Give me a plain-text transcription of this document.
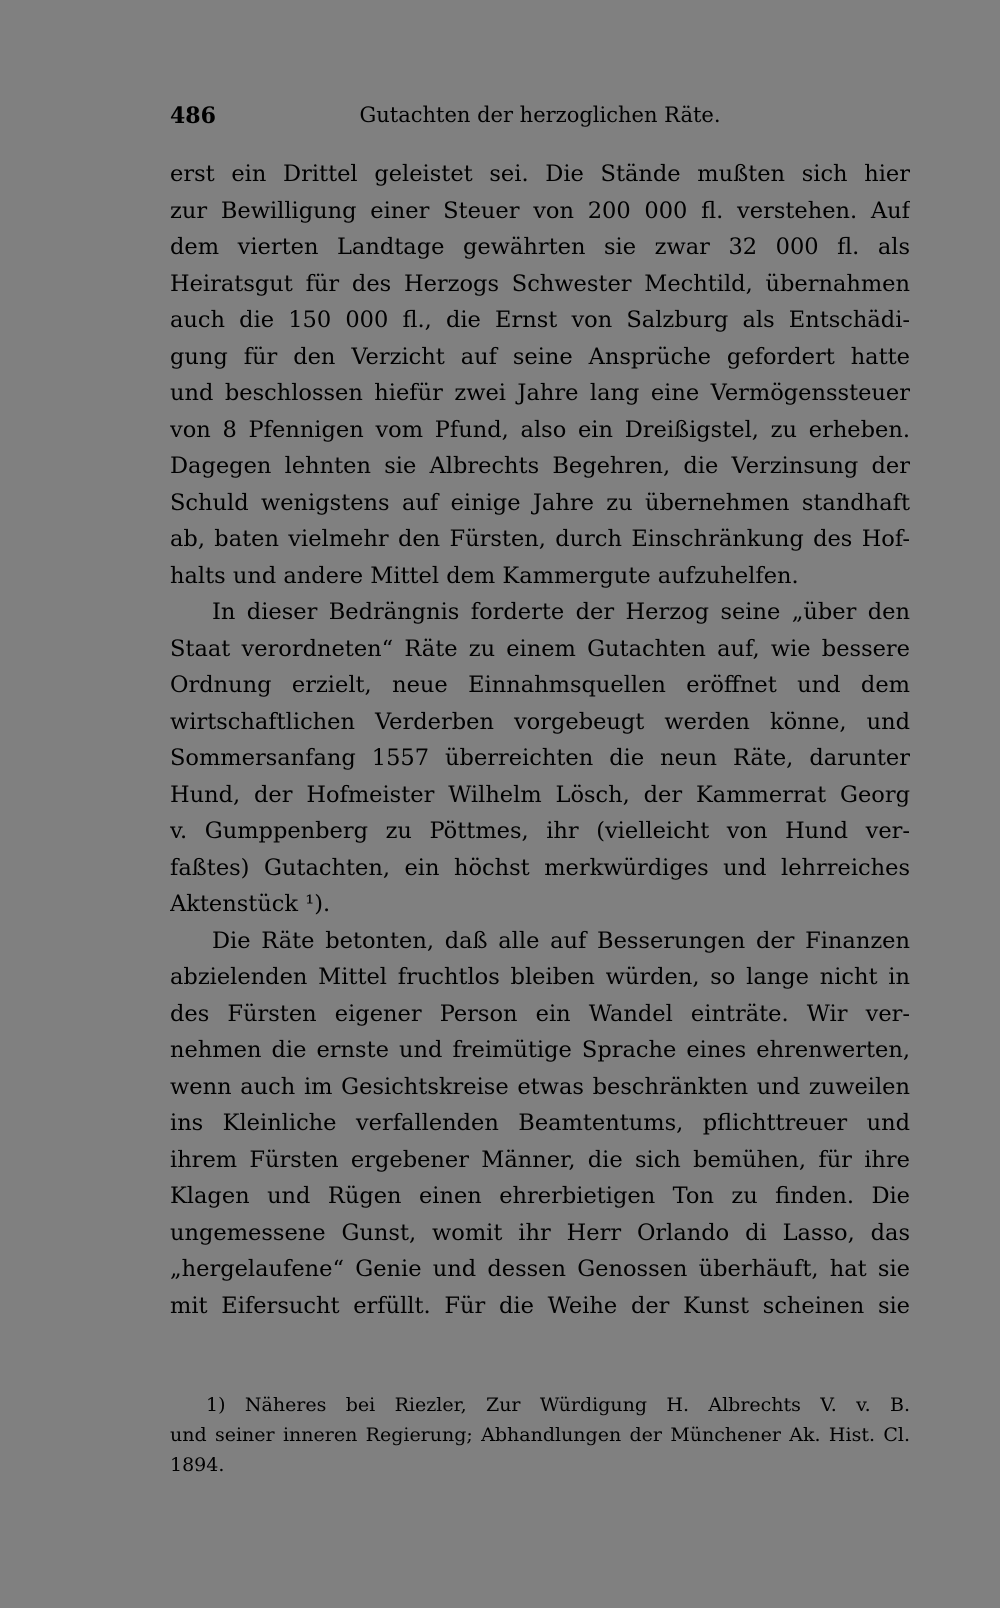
486	Gutachten der herzoglichen Räte.
erst ein Drittel geleistet sei. Die Stände mußten sich hier
zur Bewilligung einer Steuer von 200 000 fl. verstehen. Auf
dem vierten Landtage gewährten sie zwar 32 000 fl. als
Heiratsgut für des Herzogs Schwester Mechtild, übernahmen
auch die 150 000 fl., die Ernst von Salzburg als Entschädi-
gung für den Verzicht auf seine Ansprüche gefordert hatte
und beschlossen hiefür zwei Jahre lang eine Vermögenssteuer
von 8 Pfennigen vom Pfund, also ein Dreißigstel, zu erheben.
Dagegen lehnten sie Albrechts Begehren, die Verzinsung der
Schuld wenigstens auf einige Jahre zu übernehmen standhaft
ab, baten vielmehr den Fürsten, durch Einschränkung des Hof-
halts und andere Mittel dem Kammergute aufzuhelfen.
In dieser Bedrängnis forderte der Herzog seine „über den
Staat verordneten“ Räte zu einem Gutachten auf, wie bessere
Ordnung erzielt, neue Einnahmsquellen eröffnet und dem
wirtschaftlichen Verderben vorgebeugt werden könne, und
Sommersanfang 1557 überreichten die neun Räte, darunter
Hund, der Hofmeister Wilhelm Lösch, der Kammerrat Georg
v. Gumppenberg zu Pöttmes, ihr (vielleicht von Hund ver-
faßtes) Gutachten, ein höchst merkwürdiges und lehrreiches
Aktenstück ¹).
Die Räte betonten, daß alle auf Besserungen der Finanzen
abzielenden Mittel fruchtlos bleiben würden, so lange nicht in
des Fürsten eigener Person ein Wandel einträte. Wir ver-
nehmen die ernste und freimütige Sprache eines ehrenwerten,
wenn auch im Gesichtskreise etwas beschränkten und zuweilen
ins Kleinliche verfallenden Beamtentums, pflichttreuer und
ihrem Fürsten ergebener Männer, die sich bemühen, für ihre
Klagen und Rügen einen ehrerbietigen Ton zu finden. Die
ungemessene Gunst, womit ihr Herr Orlando di Lasso, das
„hergelaufene“ Genie und dessen Genossen überhäuft, hat sie
mit Eifersucht erfüllt. Für die Weihe der Kunst scheinen sie
1) Näheres bei Riezler, Zur Würdigung H. Albrechts V. v. B.
und seiner inneren Regierung; Abhandlungen der Münchener Ak. Hist. Cl.
1894.
